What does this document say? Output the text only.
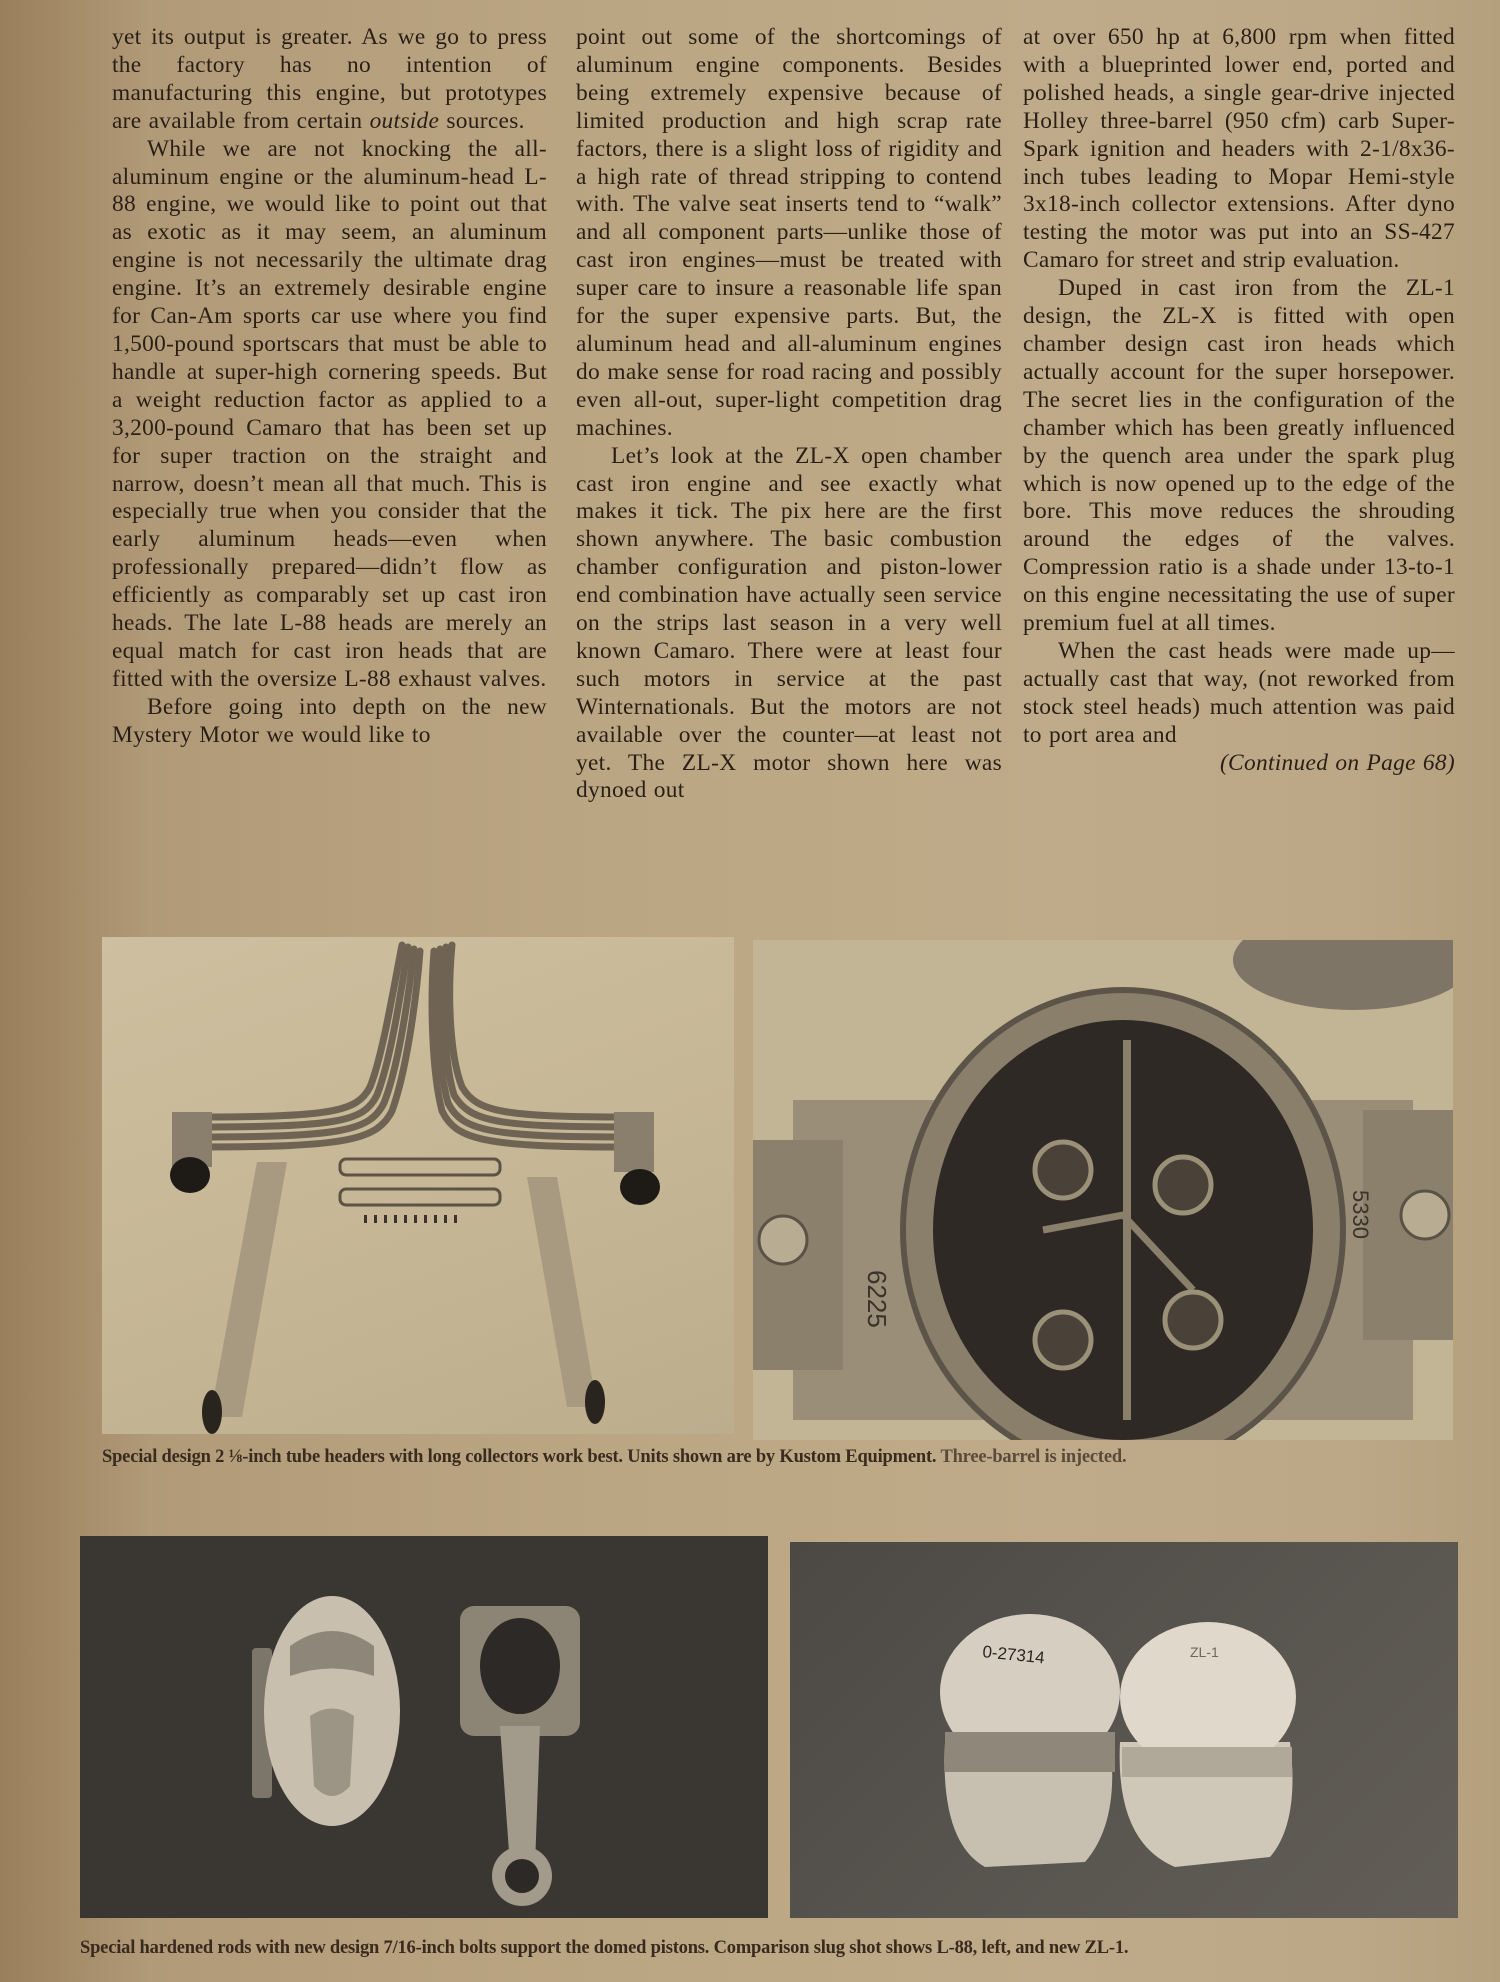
yet its output is greater. As we go to press the factory has no intention of manufacturing this engine, but prototypes are available from certain outside sources.

While we are not knocking the all-aluminum engine or the aluminum-head L-88 engine, we would like to point out that as exotic as it may seem, an aluminum engine is not necessarily the ultimate drag engine. It’s an extremely desirable engine for Can-Am sports car use where you find 1,500-pound sportscars that must be able to handle at super-high cornering speeds. But a weight reduction factor as applied to a 3,200-pound Camaro that has been set up for super traction on the straight and narrow, doesn’t mean all that much. This is especially true when you consider that the early aluminum heads—even when professionally prepared—didn’t flow as efficiently as comparably set up cast iron heads. The late L-88 heads are merely an equal match for cast iron heads that are fitted with the oversize L-88 exhaust valves.

Before going into depth on the new Mystery Motor we would like to

point out some of the shortcomings of aluminum engine components. Besides being extremely expensive because of limited production and high scrap rate factors, there is a slight loss of rigidity and a high rate of thread stripping to contend with. The valve seat inserts tend to “walk” and all component parts—unlike those of cast iron engines—must be treated with super care to insure a reasonable life span for the super expensive parts. But, the aluminum head and all-aluminum engines do make sense for road racing and possibly even all-out, super-light competition drag machines.

Let’s look at the ZL-X open chamber cast iron engine and see exactly what makes it tick. The pix here are the first shown anywhere. The basic combustion chamber configuration and piston-lower end combination have actually seen service on the strips last season in a very well known Camaro. There were at least four such motors in service at the past Winternationals. But the motors are not available over the counter—at least not yet. The ZL-X motor shown here was dynoed out

at over 650 hp at 6,800 rpm when fitted with a blueprinted lower end, ported and polished heads, a single gear-drive injected Holley three-barrel (950 cfm) carb Super-Spark ignition and headers with 2-1/8x36-inch tubes leading to Mopar Hemi-style 3x18-inch collector extensions. After dyno testing the motor was put into an SS-427 Camaro for street and strip evaluation.

Duped in cast iron from the ZL-1 design, the ZL-X is fitted with open chamber design cast iron heads which actually account for the super horsepower. The secret lies in the configuration of the chamber which has been greatly influenced by the quench area under the spark plug which is now opened up to the edge of the bore. This move reduces the shrouding around the edges of the valves. Compression ratio is a shade under 13-to-1 on this engine necessitating the use of super premium fuel at all times.

When the cast heads were made up—actually cast that way, (not reworked from stock steel heads) much attention was paid to port area and

(Continued on Page 68)

6225
5330
Special design 2 ⅛-inch tube headers with long collectors work best. Units shown are by Kustom Equipment. Three-barrel is injected.
0-27314	ZL-1
Special hardened rods with new design 7/16-inch bolts support the domed pistons. Comparison slug shot shows L-88, left, and new ZL-1.
